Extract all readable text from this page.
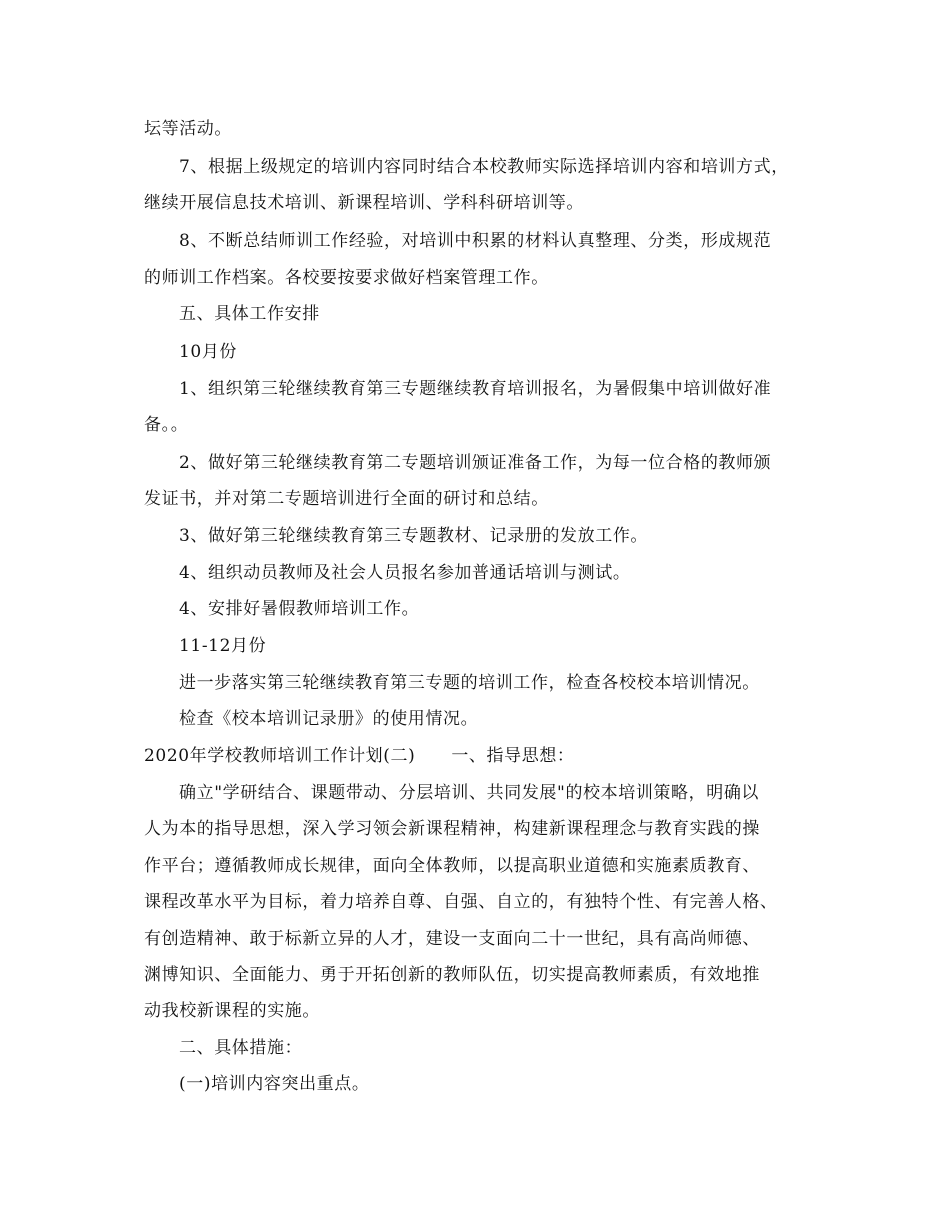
坛等活动。
7、根据上级规定的培训内容同时结合本校教师实际选择培训内容和培训方式，
继续开展信息技术培训、新课程培训、学科科研培训等。
8、不断总结师训工作经验，对培训中积累的材料认真整理、分类，形成规范
的师训工作档案。各校要按要求做好档案管理工作。
五、具体工作安排
10月份
1、组织第三轮继续教育第三专题继续教育培训报名，为暑假集中培训做好准
备。。
2、做好第三轮继续教育第二专题培训颁证准备工作，为每一位合格的教师颁
发证书，并对第二专题培训进行全面的研讨和总结。
3、做好第三轮继续教育第三专题教材、记录册的发放工作。
4、组织动员教师及社会人员报名参加普通话培训与测试。
4、安排好暑假教师培训工作。
11-12月份
进一步落实第三轮继续教育第三专题的培训工作，检查各校校本培训情况。
检查《校本培训记录册》的使用情况。
2020年学校教师培训工作计划(二) 一、指导思想：
确立"学研结合、课题带动、分层培训、共同发展"的校本培训策略，明确以
人为本的指导思想，深入学习领会新课程精神，构建新课程理念与教育实践的操
作平台；遵循教师成长规律，面向全体教师，以提高职业道德和实施素质教育、
课程改革水平为目标，着力培养自尊、自强、自立的，有独特个性、有完善人格、
有创造精神、敢于标新立异的人才，建设一支面向二十一世纪，具有高尚师德、
渊博知识、全面能力、勇于开拓创新的教师队伍，切实提高教师素质，有效地推
动我校新课程的实施。
二、具体措施：
(一)培训内容突出重点。
